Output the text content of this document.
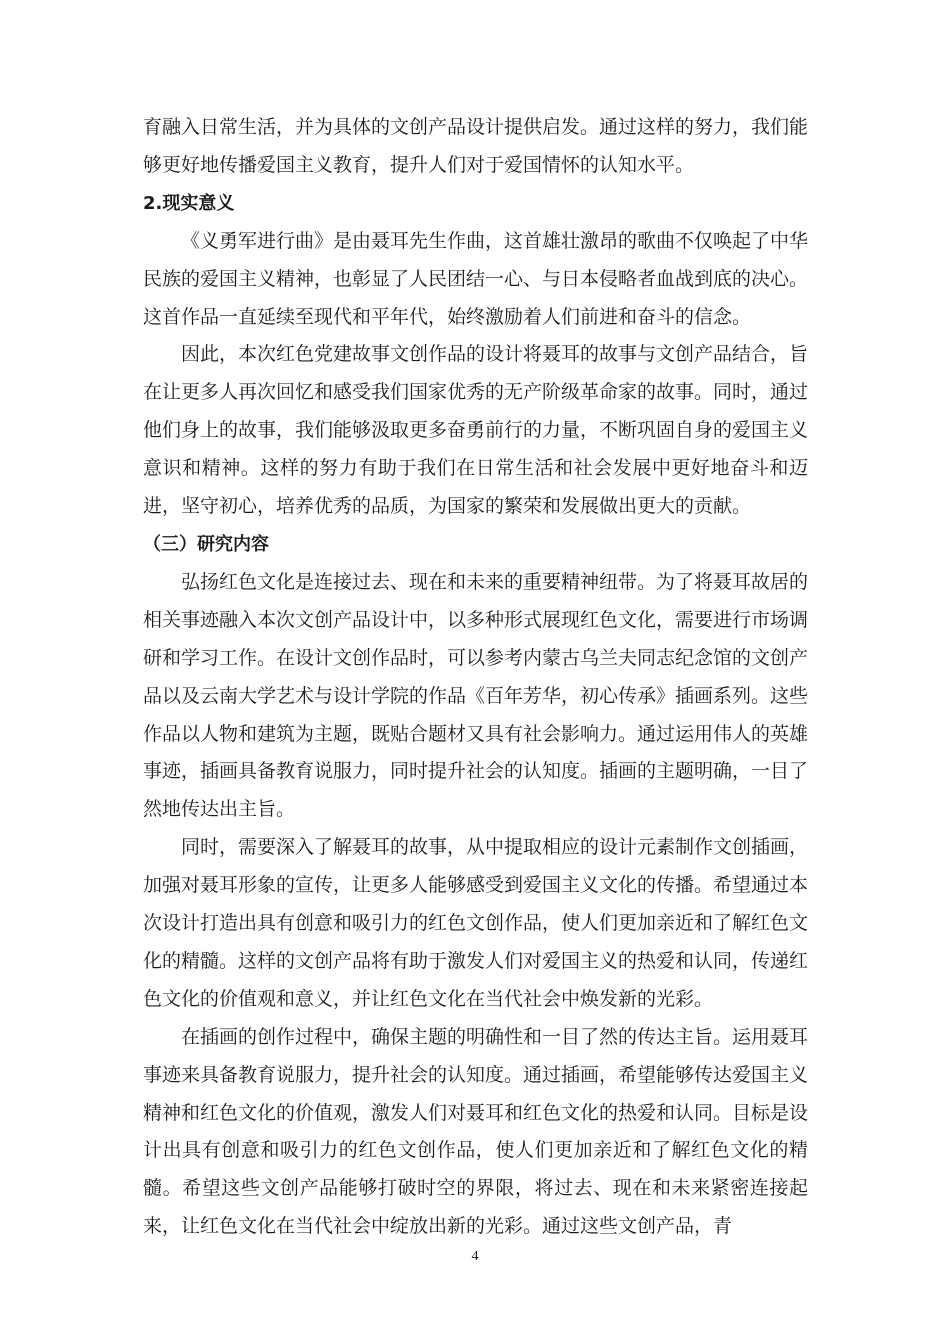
育融入日常生活，并为具体的文创产品设计提供启发。通过这样的努力，我们能够更好地传播爱国主义教育，提升人们对于爱国情怀的认知水平。

2.现实意义

《义勇军进行曲》是由聂耳先生作曲，这首雄壮激昂的歌曲不仅唤起了中华民族的爱国主义精神，也彰显了人民团结一心、与日本侵略者血战到底的决心。这首作品一直延续至现代和平年代，始终激励着人们前进和奋斗的信念。

因此，本次红色党建故事文创作品的设计将聂耳的故事与文创产品结合，旨在让更多人再次回忆和感受我们国家优秀的无产阶级革命家的故事。同时，通过他们身上的故事，我们能够汲取更多奋勇前行的力量，不断巩固自身的爱国主义意识和精神。这样的努力有助于我们在日常生活和社会发展中更好地奋斗和迈进，坚守初心，培养优秀的品质，为国家的繁荣和发展做出更大的贡献。

（三）研究内容

弘扬红色文化是连接过去、现在和未来的重要精神纽带。为了将聂耳故居的相关事迹融入本次文创产品设计中，以多种形式展现红色文化，需要进行市场调研和学习工作。在设计文创作品时，可以参考内蒙古乌兰夫同志纪念馆的文创产品以及云南大学艺术与设计学院的作品《百年芳华，初心传承》插画系列。这些作品以人物和建筑为主题，既贴合题材又具有社会影响力。通过运用伟人的英雄事迹，插画具备教育说服力，同时提升社会的认知度。插画的主题明确，一目了然地传达出主旨。

同时，需要深入了解聂耳的故事，从中提取相应的设计元素制作文创插画，加强对聂耳形象的宣传，让更多人能够感受到爱国主义文化的传播。希望通过本次设计打造出具有创意和吸引力的红色文创作品，使人们更加亲近和了解红色文化的精髓。这样的文创产品将有助于激发人们对爱国主义的热爱和认同，传递红色文化的价值观和意义，并让红色文化在当代社会中焕发新的光彩。

在插画的创作过程中，确保主题的明确性和一目了然的传达主旨。运用聂耳事迹来具备教育说服力，提升社会的认知度。通过插画，希望能够传达爱国主义精神和红色文化的价值观，激发人们对聂耳和红色文化的热爱和认同。目标是设计出具有创意和吸引力的红色文创作品，使人们更加亲近和了解红色文化的精髓。希望这些文创产品能够打破时空的界限，将过去、现在和未来紧密连接起来，让红色文化在当代社会中绽放出新的光彩。通过这些文创产品，青

4
